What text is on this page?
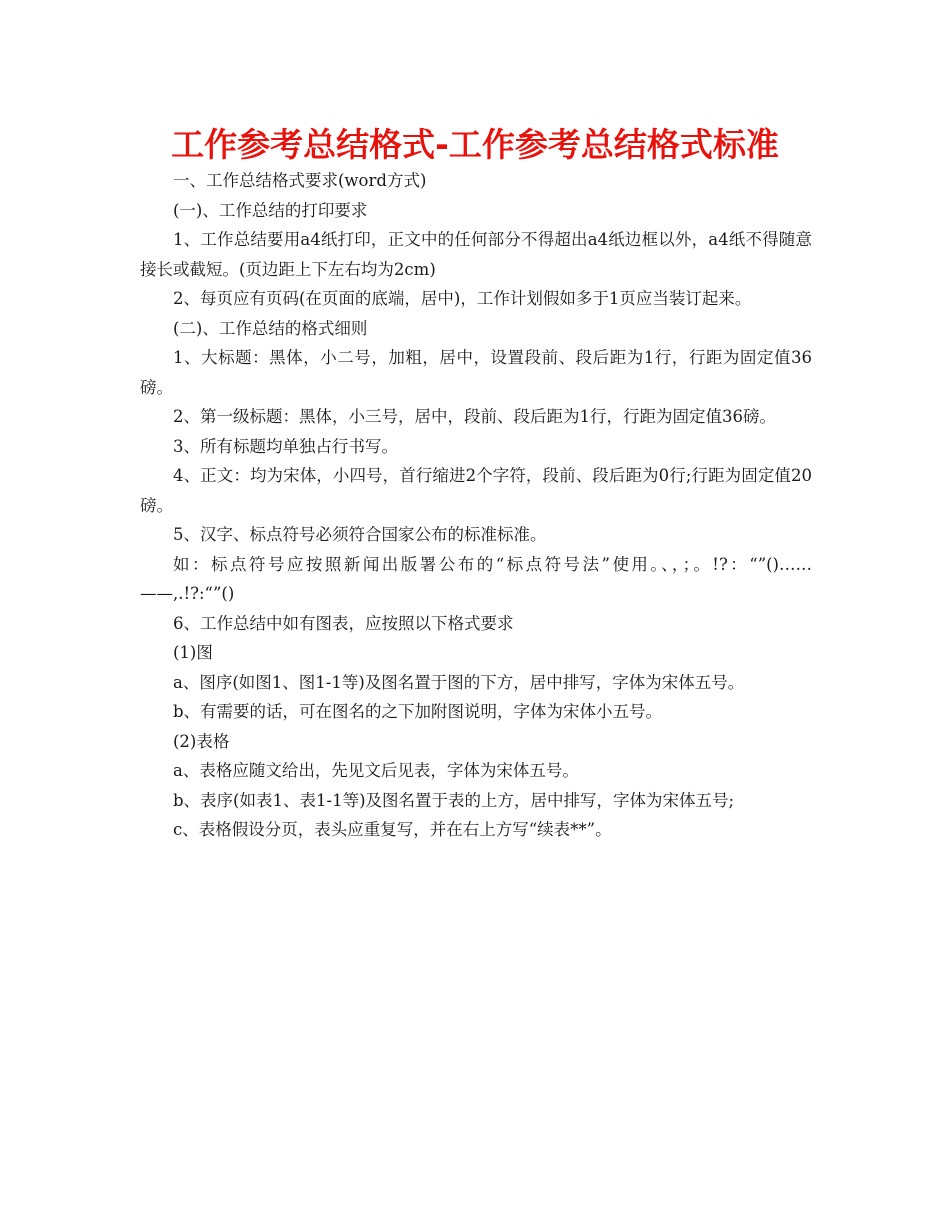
工作参考总结格式-工作参考总结格式标准

一、工作总结格式要求(word方式)

(一)、工作总结的打印要求

1、工作总结要用a4纸打印，正文中的任何部分不得超出a4纸边框以外，a4纸不得随意接长或截短。(页边距上下左右均为2cm)

2、每页应有页码(在页面的底端，居中)，工作计划假如多于1页应当装订起来。

(二)、工作总结的格式细则

1、大标题：黑体，小二号，加粗，居中，设置段前、段后距为1行，行距为固定值36磅。

2、第一级标题：黑体，小三号，居中，段前、段后距为1行，行距为固定值36磅。

3、所有标题均单独占行书写。

4、正文：均为宋体，小四号，首行缩进2个字符，段前、段后距为0行;行距为固定值20磅。

5、汉字、标点符号必须符合国家公布的标准标准。

如：标点符号应按照新闻出版署公布的“标点符号法”使用。、，；。!?：“”()……——,.!?:“”()

6、工作总结中如有图表，应按照以下格式要求

(1)图

a、图序(如图1、图1-1等)及图名置于图的下方，居中排写，字体为宋体五号。

b、有需要的话，可在图名的之下加附图说明，字体为宋体小五号。

(2)表格

a、表格应随文给出，先见文后见表，字体为宋体五号。

b、表序(如表1、表1-1等)及图名置于表的上方，居中排写，字体为宋体五号;

c、表格假设分页，表头应重复写，并在右上方写“续表**”。
